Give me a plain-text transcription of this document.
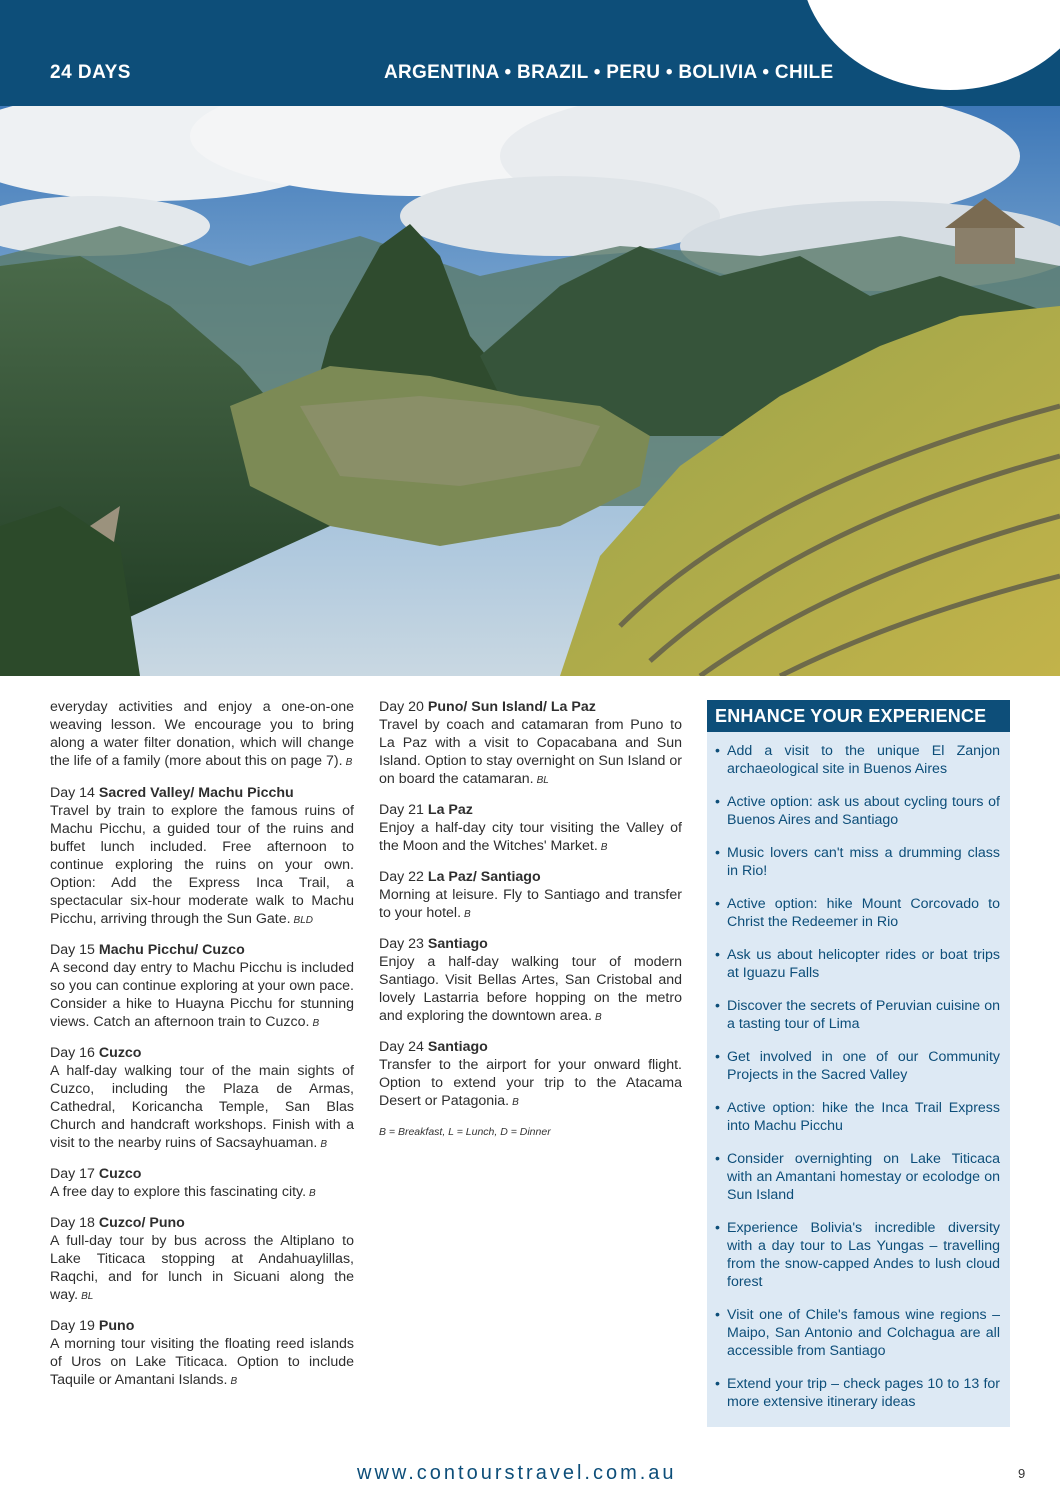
24 DAYS	ARGENTINA • BRAZIL • PERU • BOLIVIA • CHILE
everyday activities and enjoy a one-on-one weaving lesson. We encourage you to bring along a water filter donation, which will change the life of a family (more about this on page 7). B
Day 14 Sacred Valley/ Machu Picchu
Travel by train to explore the famous ruins of Machu Picchu, a guided tour of the ruins and buffet lunch included. Free afternoon to continue exploring the ruins on your own. Option: Add the Express Inca Trail, a spectacular six-hour moderate walk to Machu Picchu, arriving through the Sun Gate. BLD
Day 15 Machu Picchu/ Cuzco
A second day entry to Machu Picchu is included so you can continue exploring at your own pace. Consider a hike to Huayna Picchu for stunning views. Catch an afternoon train to Cuzco. B
Day 16 Cuzco
A half-day walking tour of the main sights of Cuzco, including the Plaza de Armas, Cathedral, Koricancha Temple, San Blas Church and handcraft workshops. Finish with a visit to the nearby ruins of Sacsayhuaman. B
Day 17 Cuzco
A free day to explore this fascinating city. B
Day 18 Cuzco/ Puno
A full-day tour by bus across the Altiplano to Lake Titicaca stopping at Andahuaylillas, Raqchi, and for lunch in Sicuani along the way. BL
Day 19 Puno
A morning tour visiting the floating reed islands of Uros on Lake Titicaca. Option to include Taquile or Amantani Islands. B
Day 20 Puno/ Sun Island/ La Paz
Travel by coach and catamaran from Puno to La Paz with a visit to Copacabana and Sun Island. Option to stay overnight on Sun Island or on board the catamaran. BL
Day 21 La Paz
Enjoy a half-day city tour visiting the Valley of the Moon and the Witches' Market. B
Day 22 La Paz/ Santiago
Morning at leisure. Fly to Santiago and transfer to your hotel. B
Day 23 Santiago
Enjoy a half-day walking tour of modern Santiago. Visit Bellas Artes, San Cristobal and lovely Lastarria before hopping on the metro and exploring the downtown area. B
Day 24 Santiago
Transfer to the airport for your onward flight. Option to extend your trip to the Atacama Desert or Patagonia. B
B = Breakfast, L = Lunch, D = Dinner
ENHANCE YOUR EXPERIENCE
• Add a visit to the unique El Zanjon archaeological site in Buenos Aires
• Active option: ask us about cycling tours of Buenos Aires and Santiago
• Music lovers can't miss a drumming class in Rio!
• Active option: hike Mount Corcovado to Christ the Redeemer in Rio
• Ask us about helicopter rides or boat trips at Iguazu Falls
• Discover the secrets of Peruvian cuisine on a tasting tour of Lima
• Get involved in one of our Community Projects in the Sacred Valley
• Active option: hike the Inca Trail Express into Machu Picchu
• Consider overnighting on Lake Titicaca with an Amantani homestay or ecolodge on Sun Island
• Experience Bolivia's incredible diversity with a day tour to Las Yungas – travelling from the snow-capped Andes to lush cloud forest
• Visit one of Chile's famous wine regions – Maipo, San Antonio and Colchagua are all accessible from Santiago
• Extend your trip – check pages 10 to 13 for more extensive itinerary ideas
www.contourstravel.com.au	9
